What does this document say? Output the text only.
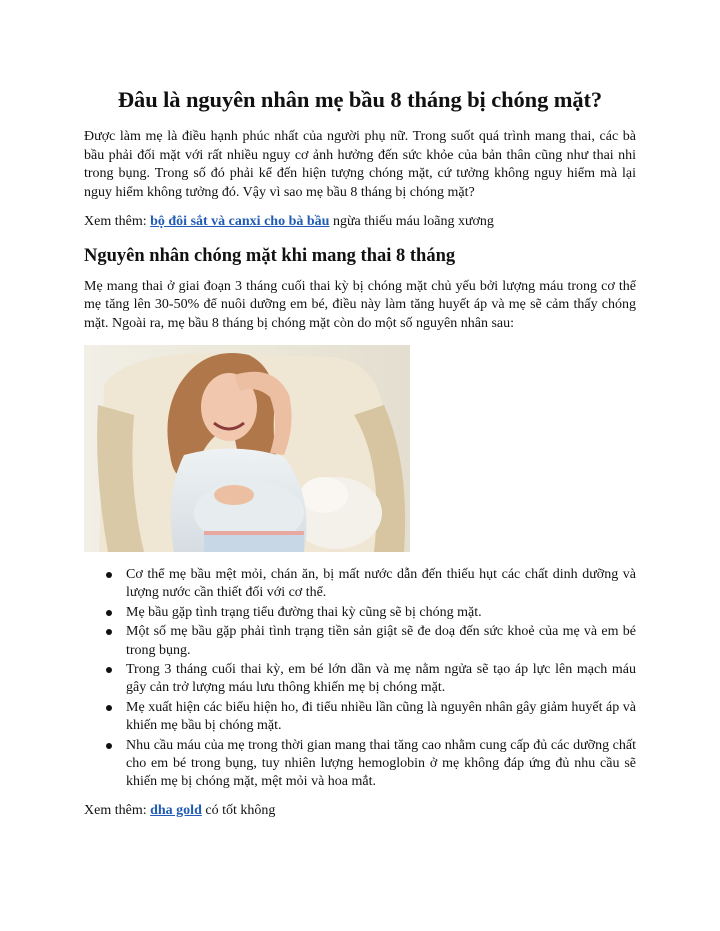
Đâu là nguyên nhân mẹ bầu 8 tháng bị chóng mặt?

Được làm mẹ là điều hạnh phúc nhất của người phụ nữ. Trong suốt quá trình mang thai, các bà bầu phải đối mặt với rất nhiều nguy cơ ảnh hưởng đến sức khỏe của bản thân cũng như thai nhi trong bụng. Trong số đó phải kể đến hiện tượng chóng mặt, cứ tưởng không nguy hiểm mà lại nguy hiểm không tưởng đó. Vậy vì sao mẹ bầu 8 tháng bị chóng mặt?

Xem thêm: bộ đôi sắt và canxi cho bà bầu ngừa thiếu máu loãng xương

Nguyên nhân chóng mặt khi mang thai 8 tháng

Mẹ mang thai ở giai đoạn 3 tháng cuối thai kỳ bị chóng mặt chủ yếu bởi lượng máu trong cơ thể mẹ tăng lên 30-50% để nuôi dưỡng em bé, điều này làm tăng huyết áp và mẹ sẽ cảm thấy chóng mặt. Ngoài ra, mẹ bầu 8 tháng bị chóng mặt còn do một số nguyên nhân sau:

Cơ thể mẹ bầu mệt mỏi, chán ăn, bị mất nước dẫn đến thiếu hụt các chất dinh dưỡng và lượng nước cần thiết đối với cơ thể.
Mẹ bầu gặp tình trạng tiểu đường thai kỳ cũng sẽ bị chóng mặt.
Một số mẹ bầu gặp phải tình trạng tiền sản giật sẽ đe doạ đến sức khoẻ của mẹ và em bé trong bụng.
Trong 3 tháng cuối thai kỳ, em bé lớn dần và mẹ nằm ngửa sẽ tạo áp lực lên mạch máu gây cản trở lượng máu lưu thông khiến mẹ bị chóng mặt.
Mẹ xuất hiện các biểu hiện ho, đi tiểu nhiều lần cũng là nguyên nhân gây giảm huyết áp và khiến mẹ bầu bị chóng mặt.
Nhu cầu máu của mẹ trong thời gian mang thai tăng cao nhằm cung cấp đủ các dưỡng chất cho em bé trong bụng, tuy nhiên lượng hemoglobin ở mẹ không đáp ứng đủ nhu cầu sẽ khiến mẹ bị chóng mặt, mệt mỏi và hoa mắt.

Xem thêm: dha gold có tốt không
